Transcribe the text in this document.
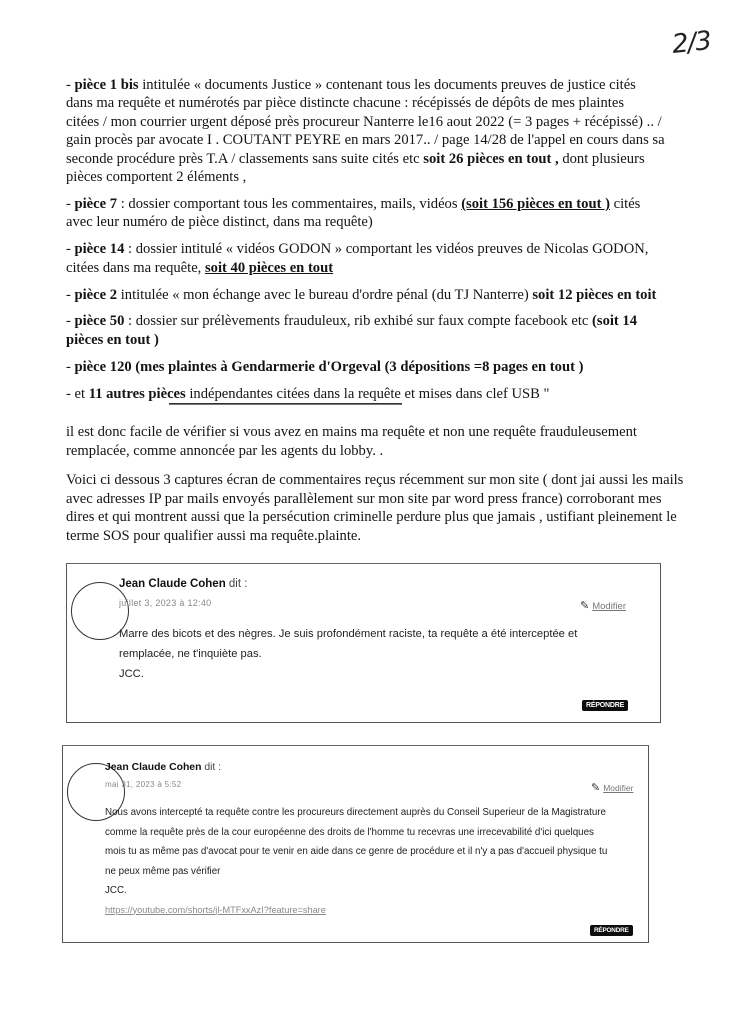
2/3

- pièce 1 bis intitulée « documents Justice » contenant tous les documents preuves de justice cités dans ma requête et numérotés par pièce distincte chacune : récépissés de dépôts de mes plaintes
citées / mon courrier urgent déposé près procureur Nanterre le16 aout 2022 (= 3 pages + récépissé) .. / gain procès par avocate I . COUTANT PEYRE en mars 2017.. / page 14/28 de l'appel en cours dans sa seconde procédure près T.A / classements sans suite cités etc soit 26 pièces en tout , dont plusieurs pièces comportent 2 éléments ,

- pièce 7 : dossier comportant tous les commentaires, mails, vidéos (soit 156 pièces en tout ) cités avec leur numéro de pièce distinct, dans ma requête)

- pièce 14 : dossier intitulé « vidéos GODON » comportant les vidéos preuves de Nicolas GODON, citées dans ma requête, soit 40 pièces en tout

- pièce 2 intitulée « mon échange avec le bureau d'ordre pénal (du TJ Nanterre) soit 12 pièces en toit

- pièce 50 : dossier sur prélèvements frauduleux, rib exhibé sur faux compte facebook etc (soit 14 pièces en tout )

- pièce 120 (mes plaintes à Gendarmerie d'Orgeval (3 dépositions =8 pages en tout )

- et 11 autres pièces indépendantes citées dans la requête et mises dans clef USB "

il est donc facile de vérifier si vous avez en mains ma requête et non une requête frauduleusement remplacée, comme annoncée par les agents du lobby. .

Voici ci dessous 3 captures écran de commentaires reçus récemment sur mon site ( dont jai aussi les mails avec adresses IP par mails envoyés parallèlement sur mon site par word press france) corroborant mes dires et qui montrent aussi que la persécution criminelle perdure plus que jamais , ustifiant pleinement le terme SOS pour qualifier aussi ma requête.plainte.

Jean Claude Cohen dit :
juillet 3, 2023 à 12:40	✎ Modifier
Marre des bicots et des nègres. Je suis profondément raciste, ta requête a été interceptée et
remplacée, ne t'inquiète pas.
JCC.
RÉPONDRE
Jean Claude Cohen dit :
mai 31, 2023 à 5:52	✎ Modifier
Nous avons intercepté ta requête contre les procureurs directement auprès du Conseil Superieur de la Magistrature
comme la requête près de la cour européenne des droits de l'homme tu recevras une irrecevabilité d'ici quelques
mois tu as même pas d'avocat pour te venir en aide dans ce genre de procédure et il n'y a pas d'accueil physique tu
ne peux même pas vérifier
JCC.
https://youtube.com/shorts/jl-MTFxxAzI?feature=share
RÉPONDRE
